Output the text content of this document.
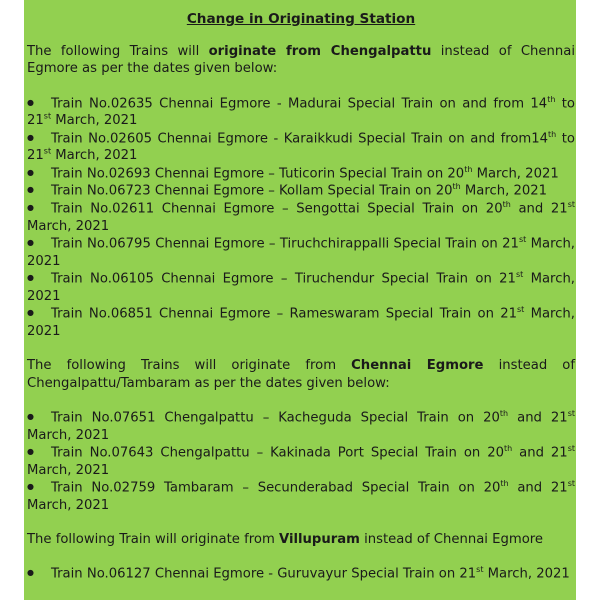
Change in Originating Station

The following Trains will originate from Chengalpattu instead of Chennai Egmore as per the dates given below:

● Train No.02635 Chennai Egmore - Madurai Special Train on and from 14th to 21st March, 2021
● Train No.02605 Chennai Egmore - Karaikkudi Special Train on and from14th to 21st March, 2021
● Train No.02693 Chennai Egmore – Tuticorin Special Train on 20th March, 2021
● Train No.06723 Chennai Egmore – Kollam Special Train on 20th March, 2021
● Train No.02611 Chennai Egmore – Sengottai Special Train on 20th and 21st March, 2021
● Train No.06795 Chennai Egmore – Tiruchchirappalli Special Train on 21st March, 2021
● Train No.06105 Chennai Egmore – Tiruchendur Special Train on 21st March, 2021
● Train No.06851 Chennai Egmore – Rameswaram Special Train on 21st March, 2021

The following Trains will originate from Chennai Egmore instead of Chengalpattu/Tambaram as per the dates given below:

● Train No.07651 Chengalpattu – Kacheguda Special Train on 20th and 21st March, 2021
● Train No.07643 Chengalpattu – Kakinada Port Special Train on 20th and 21st March, 2021
● Train No.02759 Tambaram – Secunderabad Special Train on 20th and 21st March, 2021

The following Train will originate from Villupuram instead of Chennai Egmore

● Train No.06127 Chennai Egmore - Guruvayur Special Train on 21st March, 2021
